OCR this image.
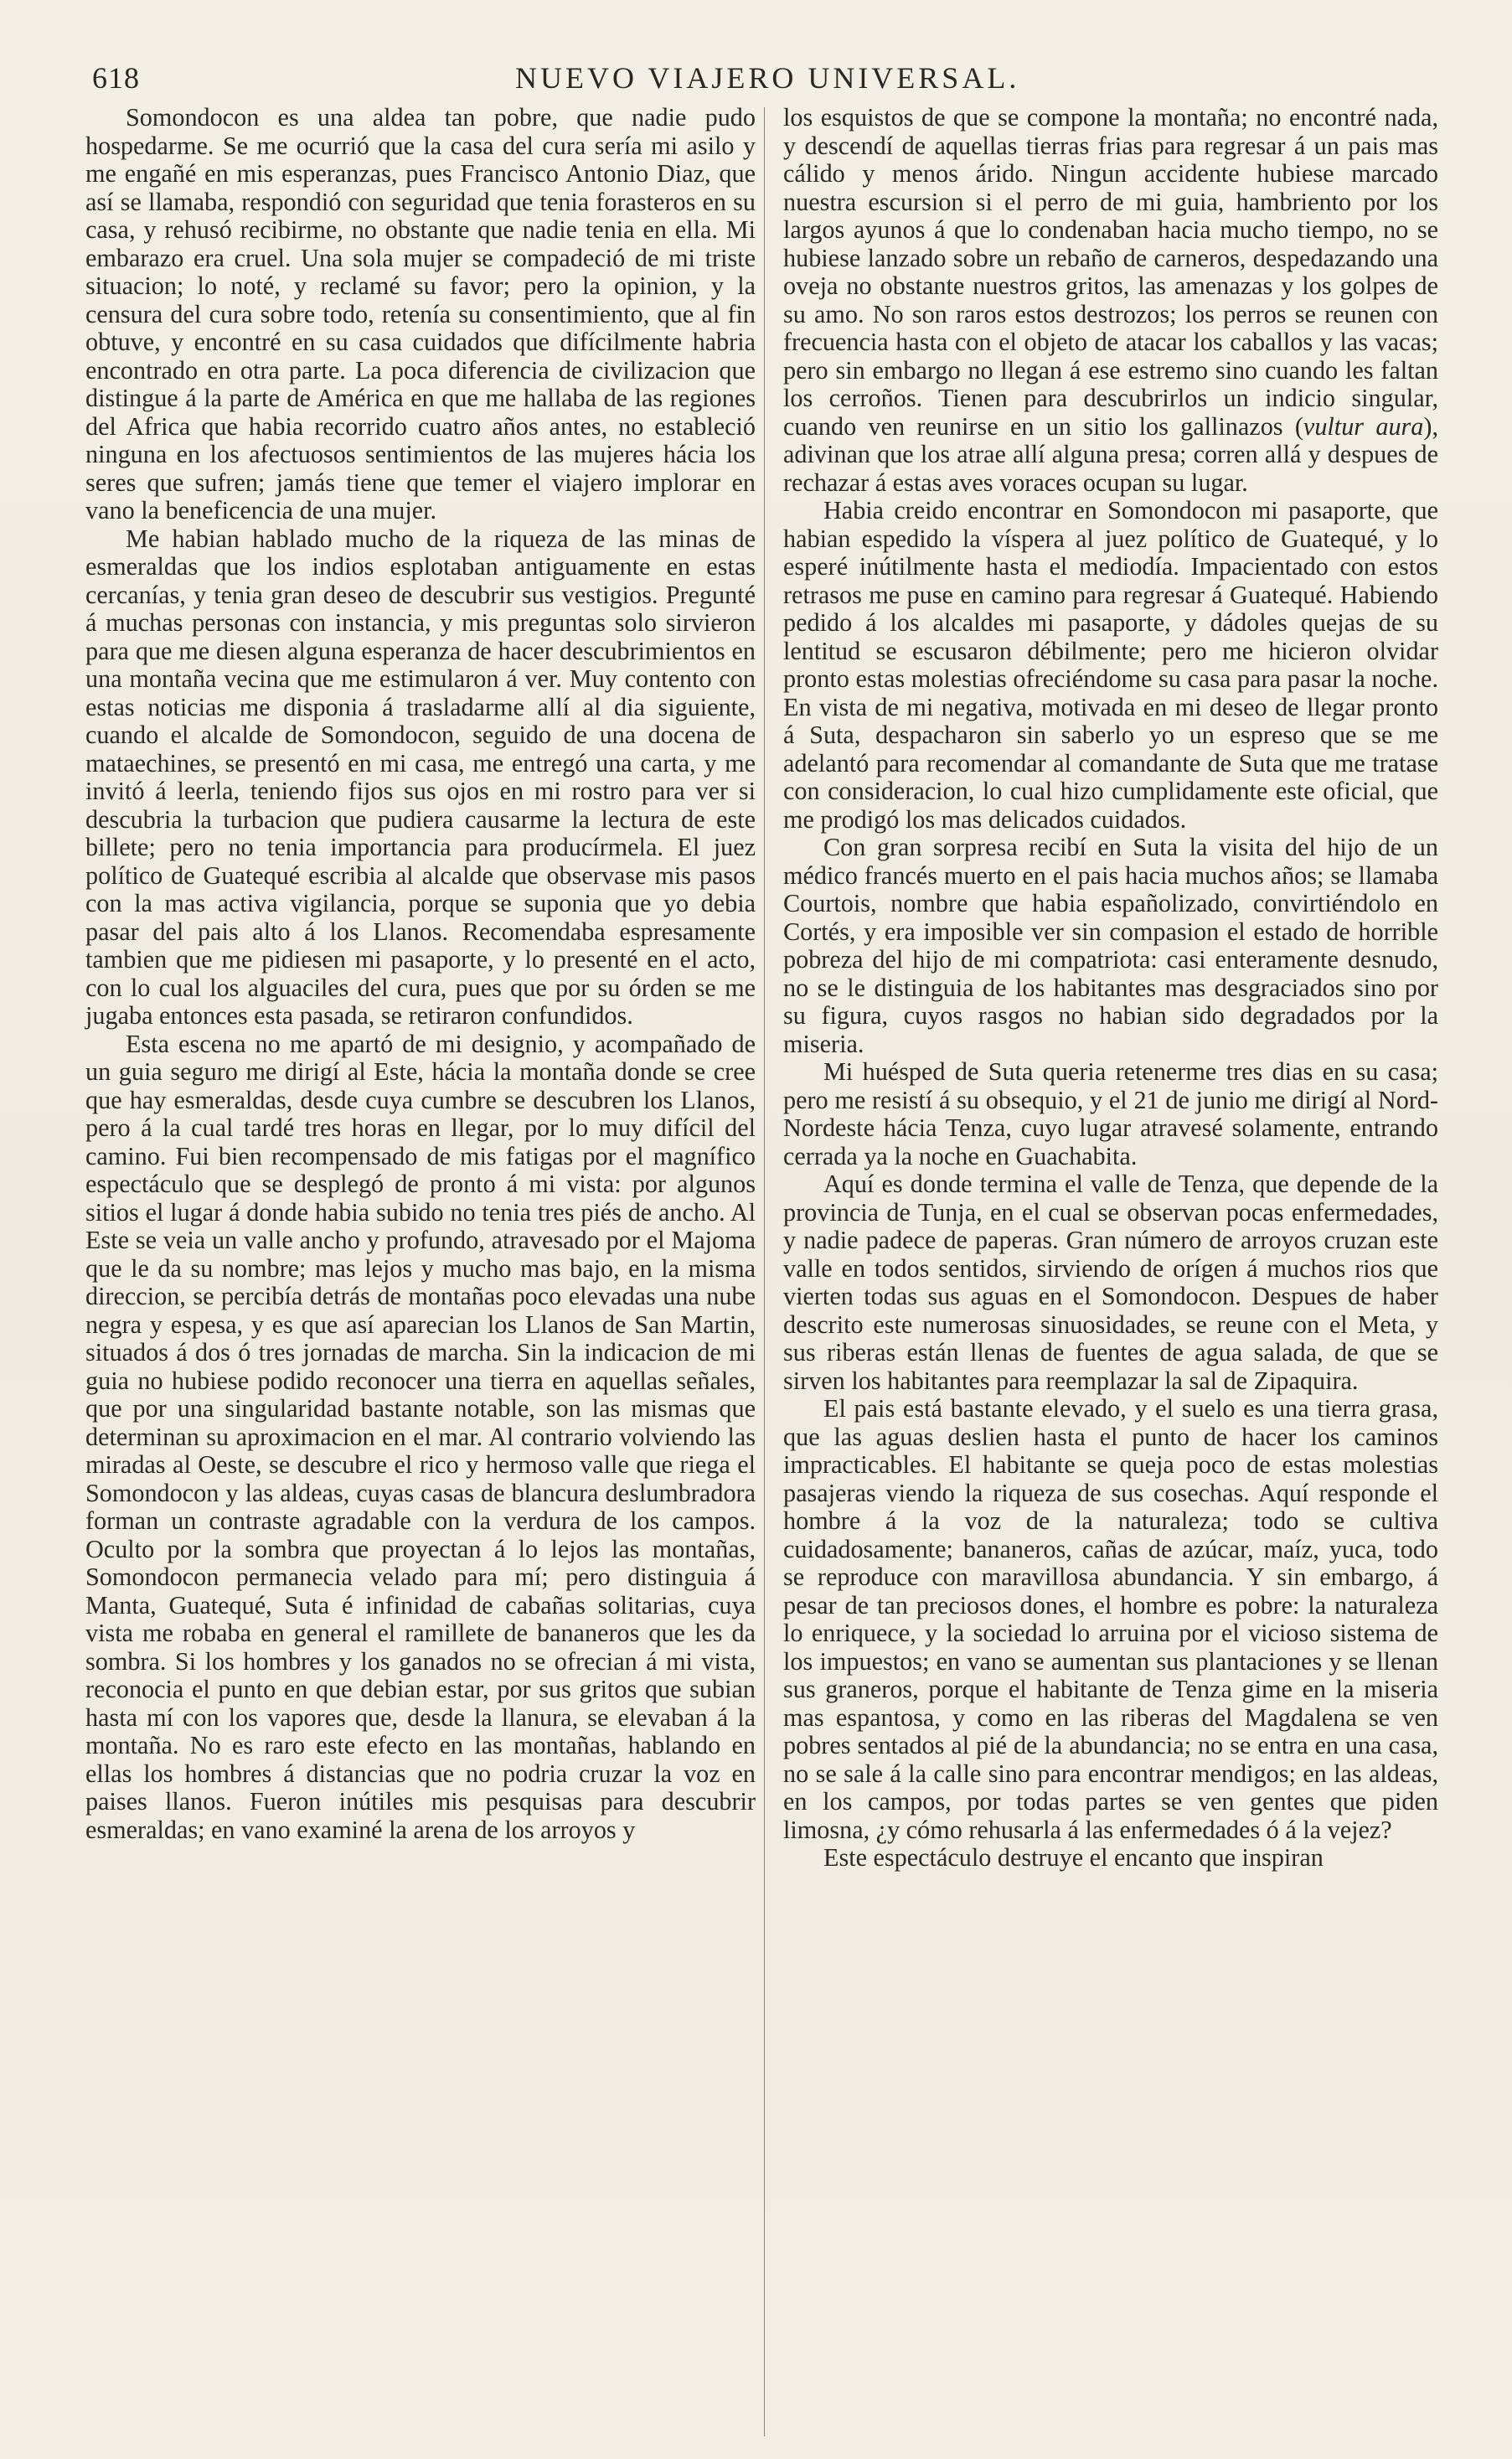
618	NUEVO VIAJERO UNIVERSAL.

Somondocon es una aldea tan pobre, que nadie pudo hospedarme. Se me ocurrió que la casa del cura sería mi asilo y me engañé en mis esperanzas, pues Francisco Antonio Diaz, que así se llamaba, respondió con seguridad que tenia forasteros en su casa, y rehusó recibirme, no obstante que nadie tenia en ella. Mi embarazo era cruel. Una sola mujer se compadeció de mi triste situacion; lo noté, y reclamé su favor; pero la opinion, y la censura del cura sobre todo, retenía su consentimiento, que al fin obtuve, y encontré en su casa cuidados que difícilmente habria encontrado en otra parte. La poca diferencia de civilizacion que distingue á la parte de América en que me hallaba de las regiones del Africa que habia recorrido cuatro años antes, no estableció ninguna en los afectuosos sentimientos de las mujeres hácia los seres que sufren; jamás tiene que temer el viajero implorar en vano la beneficencia de una mujer.

Me habian hablado mucho de la riqueza de las minas de esmeraldas que los indios esplotaban antiguamente en estas cercanías, y tenia gran deseo de descubrir sus vestigios. Pregunté á muchas personas con instancia, y mis preguntas solo sirvieron para que me diesen alguna esperanza de hacer descubrimientos en una montaña vecina que me estimularon á ver. Muy contento con estas noticias me disponia á trasladarme allí al dia siguiente, cuando el alcalde de Somondocon, seguido de una docena de mataechines, se presentó en mi casa, me entregó una carta, y me invitó á leerla, teniendo fijos sus ojos en mi rostro para ver si descubria la turbacion que pudiera causarme la lectura de este billete; pero no tenia importancia para producírmela. El juez político de Guatequé escribia al alcalde que observase mis pasos con la mas activa vigilancia, porque se suponia que yo debia pasar del pais alto á los Llanos. Recomendaba espresamente tambien que me pidiesen mi pasaporte, y lo presenté en el acto, con lo cual los alguaciles del cura, pues que por su órden se me jugaba entonces esta pasada, se retiraron confundidos.

Esta escena no me apartó de mi designio, y acompañado de un guia seguro me dirigí al Este, hácia la montaña donde se cree que hay esmeraldas, desde cuya cumbre se descubren los Llanos, pero á la cual tardé tres horas en llegar, por lo muy difícil del camino. Fui bien recompensado de mis fatigas por el magnífico espectáculo que se desplegó de pronto á mi vista: por algunos sitios el lugar á donde habia subido no tenia tres piés de ancho. Al Este se veia un valle ancho y profundo, atravesado por el Majoma que le da su nombre; mas lejos y mucho mas bajo, en la misma direccion, se percibía detrás de montañas poco elevadas una nube negra y espesa, y es que así aparecian los Llanos de San Martin, situados á dos ó tres jornadas de marcha. Sin la indicacion de mi guia no hubiese podido reconocer una tierra en aquellas señales, que por una singularidad bastante notable, son las mismas que determinan su aproximacion en el mar. Al contrario volviendo las miradas al Oeste, se descubre el rico y hermoso valle que riega el Somondocon y las aldeas, cuyas casas de blancura deslumbradora forman un contraste agradable con la verdura de los campos. Oculto por la sombra que proyectan á lo lejos las montañas, Somondocon permanecia velado para mí; pero distinguia á Manta, Guatequé, Suta é infinidad de cabañas solitarias, cuya vista me robaba en general el ramillete de bananeros que les da sombra. Si los hombres y los ganados no se ofrecian á mi vista, reconocia el punto en que debian estar, por sus gritos que subian hasta mí con los vapores que, desde la llanura, se elevaban á la montaña. No es raro este efecto en las montañas, hablando en ellas los hombres á distancias que no podria cruzar la voz en paises llanos. Fueron inútiles mis pesquisas para descubrir esmeraldas; en vano examiné la arena de los arroyos y

los esquistos de que se compone la montaña; no encontré nada, y descendí de aquellas tierras frias para regresar á un pais mas cálido y menos árido. Ningun accidente hubiese marcado nuestra escursion si el perro de mi guia, hambriento por los largos ayunos á que lo condenaban hacia mucho tiempo, no se hubiese lanzado sobre un rebaño de carneros, despedazando una oveja no obstante nuestros gritos, las amenazas y los golpes de su amo. No son raros estos destrozos; los perros se reunen con frecuencia hasta con el objeto de atacar los caballos y las vacas; pero sin embargo no llegan á ese estremo sino cuando les faltan los cerroños. Tienen para descubrirlos un indicio singular, cuando ven reunirse en un sitio los gallinazos (vultur aura), adivinan que los atrae allí alguna presa; corren allá y despues de rechazar á estas aves voraces ocupan su lugar.

Habia creido encontrar en Somondocon mi pasaporte, que habian espedido la víspera al juez político de Guatequé, y lo esperé inútilmente hasta el mediodía. Impacientado con estos retrasos me puse en camino para regresar á Guatequé. Habiendo pedido á los alcaldes mi pasaporte, y dádoles quejas de su lentitud se escusaron débilmente; pero me hicieron olvidar pronto estas molestias ofreciéndome su casa para pasar la noche. En vista de mi negativa, motivada en mi deseo de llegar pronto á Suta, despacharon sin saberlo yo un espreso que se me adelantó para recomendar al comandante de Suta que me tratase con consideracion, lo cual hizo cumplidamente este oficial, que me prodigó los mas delicados cuidados.

Con gran sorpresa recibí en Suta la visita del hijo de un médico francés muerto en el pais hacia muchos años; se llamaba Courtois, nombre que habia españolizado, convirtiéndolo en Cortés, y era imposible ver sin compasion el estado de horrible pobreza del hijo de mi compatriota: casi enteramente desnudo, no se le distinguia de los habitantes mas desgraciados sino por su figura, cuyos rasgos no habian sido degradados por la miseria.

Mi huésped de Suta queria retenerme tres dias en su casa; pero me resistí á su obsequio, y el 21 de junio me dirigí al Nord-Nordeste hácia Tenza, cuyo lugar atravesé solamente, entrando cerrada ya la noche en Guachabita.

Aquí es donde termina el valle de Tenza, que depende de la provincia de Tunja, en el cual se observan pocas enfermedades, y nadie padece de paperas. Gran número de arroyos cruzan este valle en todos sentidos, sirviendo de orígen á muchos rios que vierten todas sus aguas en el Somondocon. Despues de haber descrito este numerosas sinuosidades, se reune con el Meta, y sus riberas están llenas de fuentes de agua salada, de que se sirven los habitantes para reemplazar la sal de Zipaquira.

El pais está bastante elevado, y el suelo es una tierra grasa, que las aguas deslien hasta el punto de hacer los caminos impracticables. El habitante se queja poco de estas molestias pasajeras viendo la riqueza de sus cosechas. Aquí responde el hombre á la voz de la naturaleza; todo se cultiva cuidadosamente; bananeros, cañas de azúcar, maíz, yuca, todo se reproduce con maravillosa abundancia. Y sin embargo, á pesar de tan preciosos dones, el hombre es pobre: la naturaleza lo enriquece, y la sociedad lo arruina por el vicioso sistema de los impuestos; en vano se aumentan sus plantaciones y se llenan sus graneros, porque el habitante de Tenza gime en la miseria mas espantosa, y como en las riberas del Magdalena se ven pobres sentados al pié de la abundancia; no se entra en una casa, no se sale á la calle sino para encontrar mendigos; en las aldeas, en los campos, por todas partes se ven gentes que piden limosna, ¿y cómo rehusarla á las enfermedades ó á la vejez?

Este espectáculo destruye el encanto que inspiran
